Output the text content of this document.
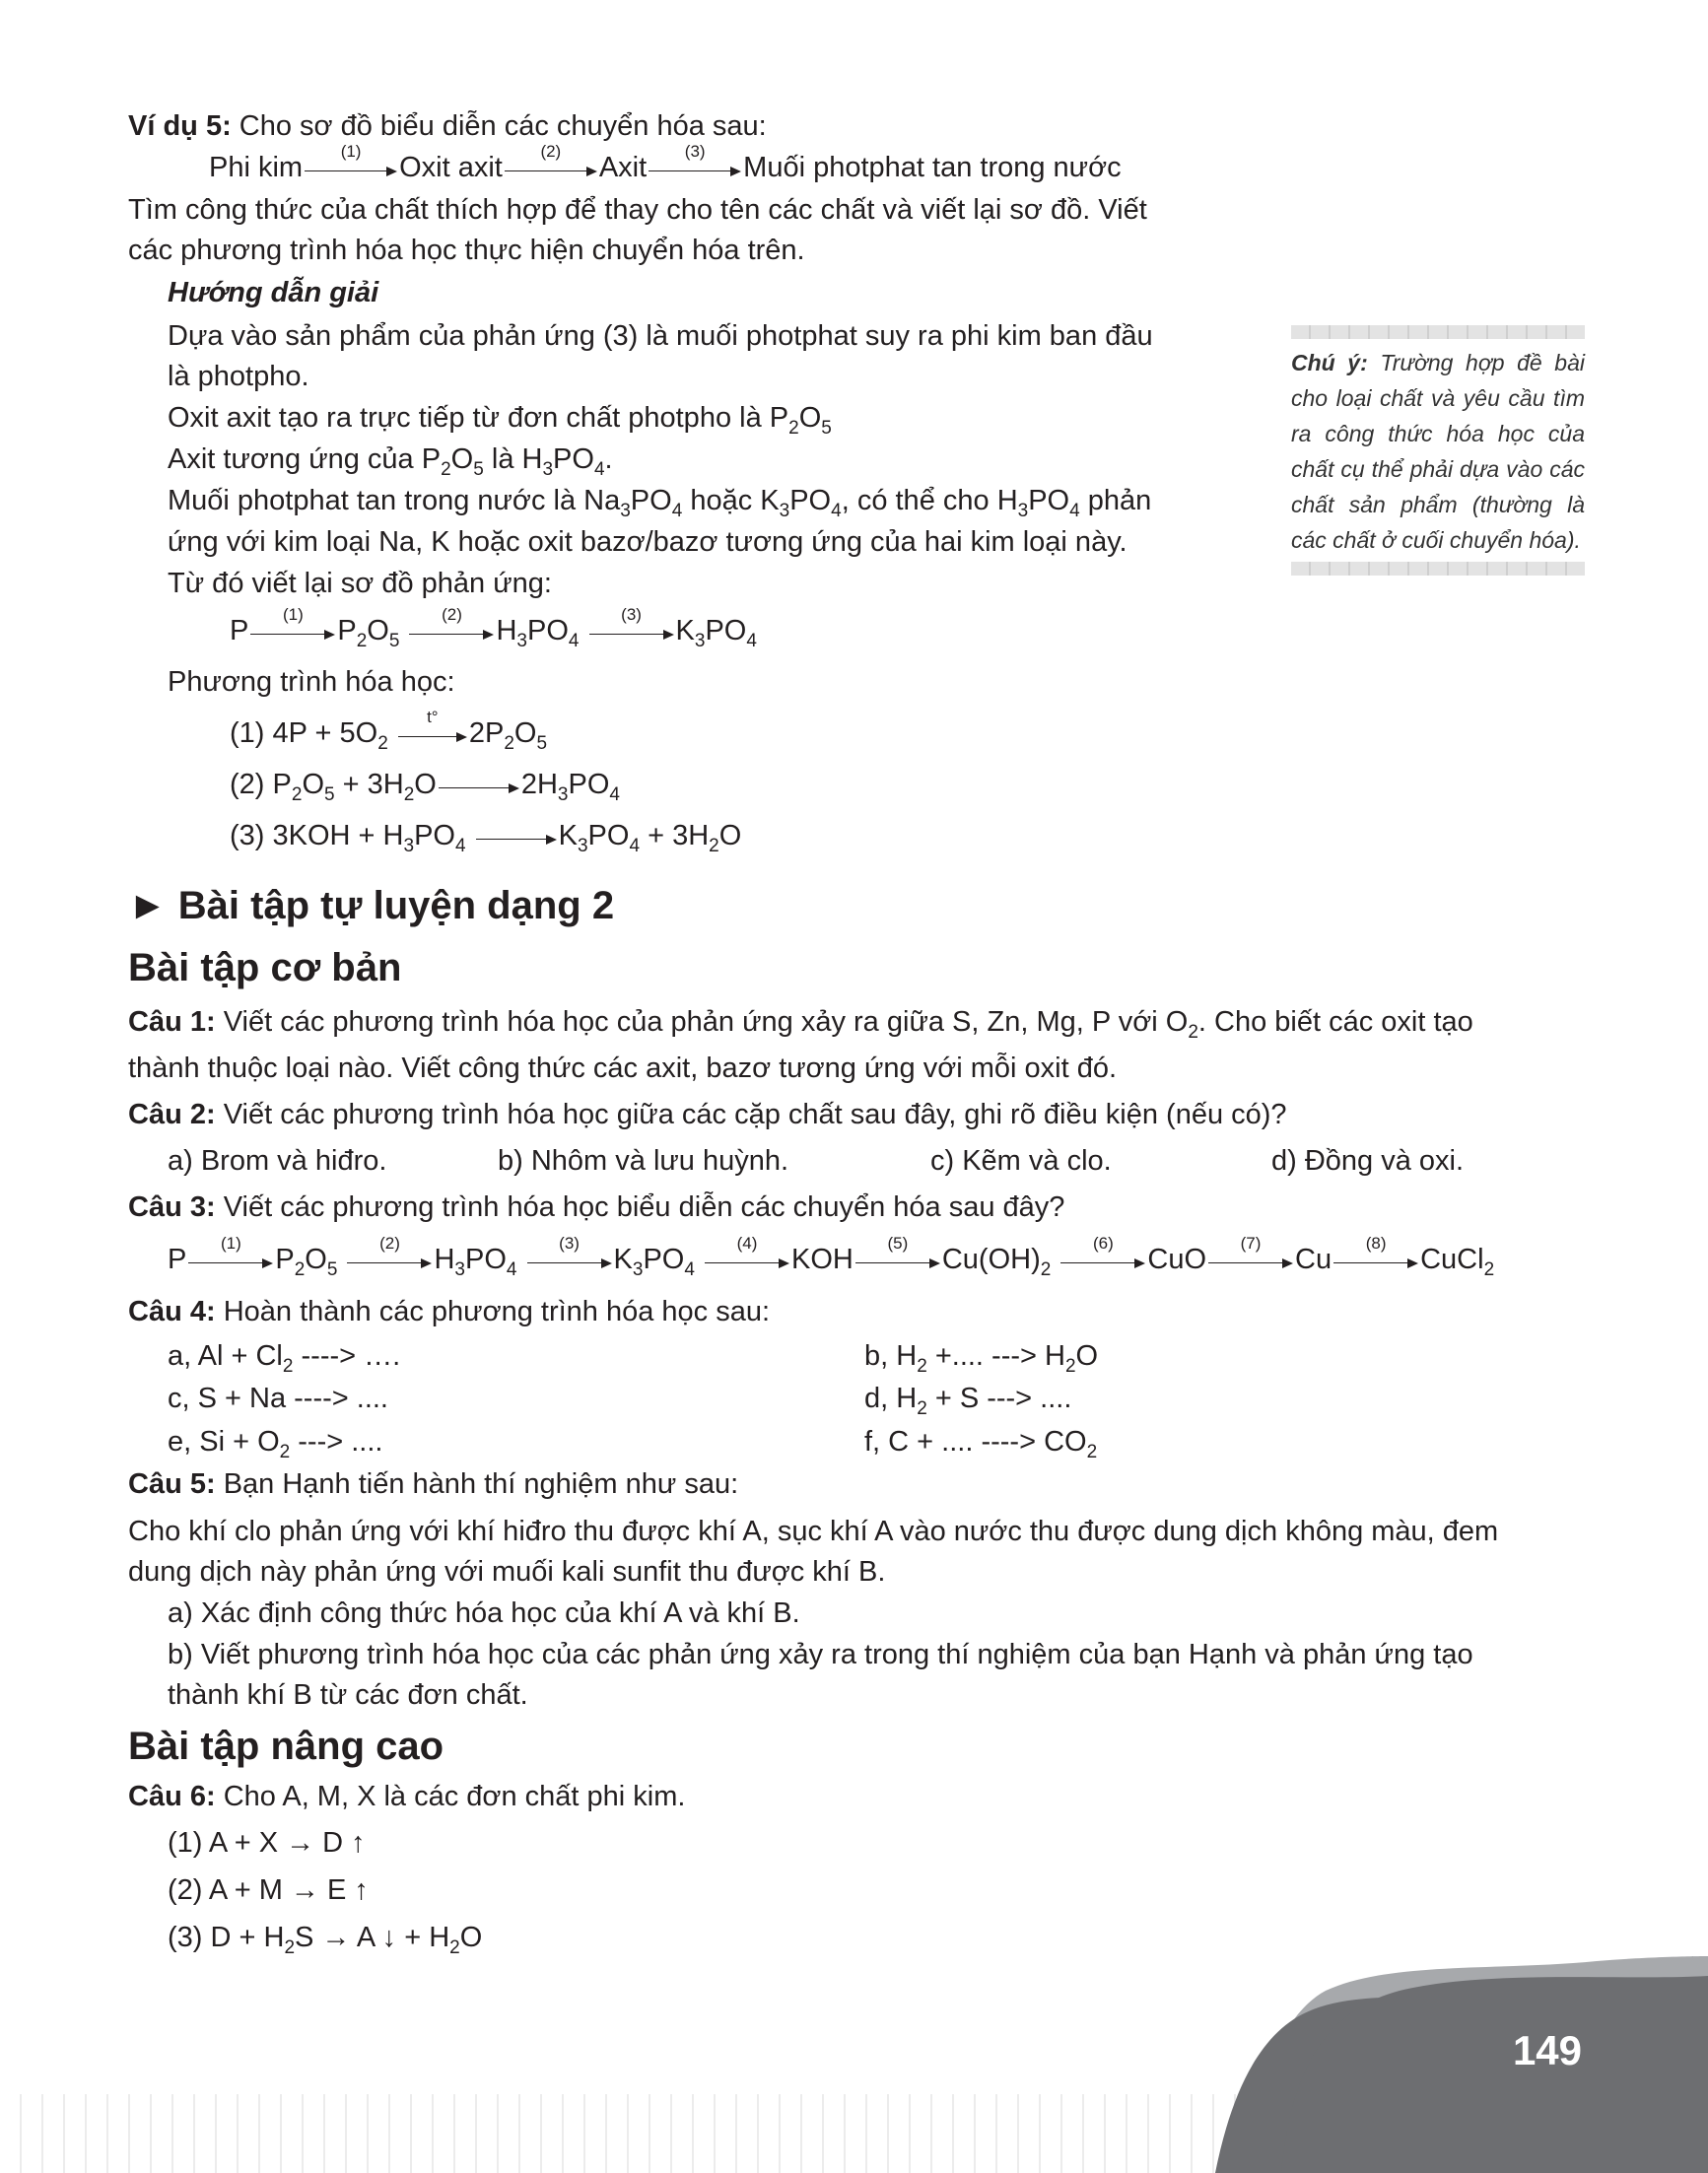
Ví dụ 5: Cho sơ đồ biểu diễn các chuyển hóa sau:
Phi kim
(1)
Oxit axit
(2)
Axit
(3)
Muối photphat tan trong nước
Tìm công thức của chất thích hợp để thay cho tên các chất và viết lại sơ đồ. Viết
các phương trình hóa học thực hiện chuyển hóa trên.
Hướng dẫn giải
Dựa vào sản phẩm của phản ứng (3) là muối photphat suy ra phi kim ban đầu
là photpho.
Oxit axit tạo ra trực tiếp từ đơn chất photpho là $P_2O_5$
Axit tương ứng của $P_2O_5$ là $H_3PO_4$.
Muối photphat tan trong nước là $Na_3PO_4$ hoặc $K_3PO_4$, có thể cho $H_3PO_4$ phản
ứng với kim loại Na, K hoặc oxit bazơ/bazơ tương ứng của hai kim loại này.
Từ đó viết lại sơ đồ phản ứng:
P
(1)
$P_2O_5$
(2)
$H_3PO_4$
(3)
$K_3PO_4$
Phương trình hóa học:
(1) $4P + 5O_2$
t°
$2P_2O_5$
(2) $P_2O_5 + 3H_2O$	$2H_3PO_4$
(3) $3KOH + H_3PO_4$	$K_3PO_4 + 3H_2O$
Chú ý: Trường hợp đề bài cho loại chất và yêu cầu tìm ra công thức hóa học của chất cụ thể phải dựa vào các chất sản phẩm (thường là các chất ở cuối chuyển hóa).
► Bài tập tự luyện dạng 2
Bài tập cơ bản
Câu 1: Viết các phương trình hóa học của phản ứng xảy ra giữa S, Zn, Mg, P với $O_2$. Cho biết các oxit tạo
thành thuộc loại nào. Viết công thức các axit, bazơ tương ứng với mỗi oxit đó.
Câu 2: Viết các phương trình hóa học giữa các cặp chất sau đây, ghi rõ điều kiện (nếu có)?
a) Brom và hiđro.	b) Nhôm và lưu huỳnh.	c) Kẽm và clo.	d) Đồng và oxi.
Câu 3: Viết các phương trình hóa học biểu diễn các chuyển hóa sau đây?
P
(1)
$P_2O_5$
(2)
$H_3PO_4$
(3)
$K_3PO_4$
(4)
KOH
(5)
$Cu(OH)_2$
(6)
CuO
(7)
Cu
(8)
CuCl$_2$
Câu 4: Hoàn thành các phương trình hóa học sau:
a, $Al + Cl_2$ ----> ….	b, $H_2$ +.... ---> $H_2O$
c, S + Na ----> ....	d, $H_2 + S$ ---> ....
e, $Si + O_2$ ---> ....	f, C + .... ----> $CO_2$
Câu 5: Bạn Hạnh tiến hành thí nghiệm như sau:
Cho khí clo phản ứng với khí hiđro thu được khí A, sục khí A vào nước thu được dung dịch không màu, đem
dung dịch này phản ứng với muối kali sunfit thu được khí B.
a) Xác định công thức hóa học của khí A và khí B.
b) Viết phương trình hóa học của các phản ứng xảy ra trong thí nghiệm của bạn Hạnh và phản ứng tạo
thành khí B từ các đơn chất.
Bài tập nâng cao
Câu 6: Cho A, M, X là các đơn chất phi kim.
(1) A + X → D ↑
(2) A + M → E ↑
(3) $D + H_2S \to A$ ↓ + $H_2O$
149
